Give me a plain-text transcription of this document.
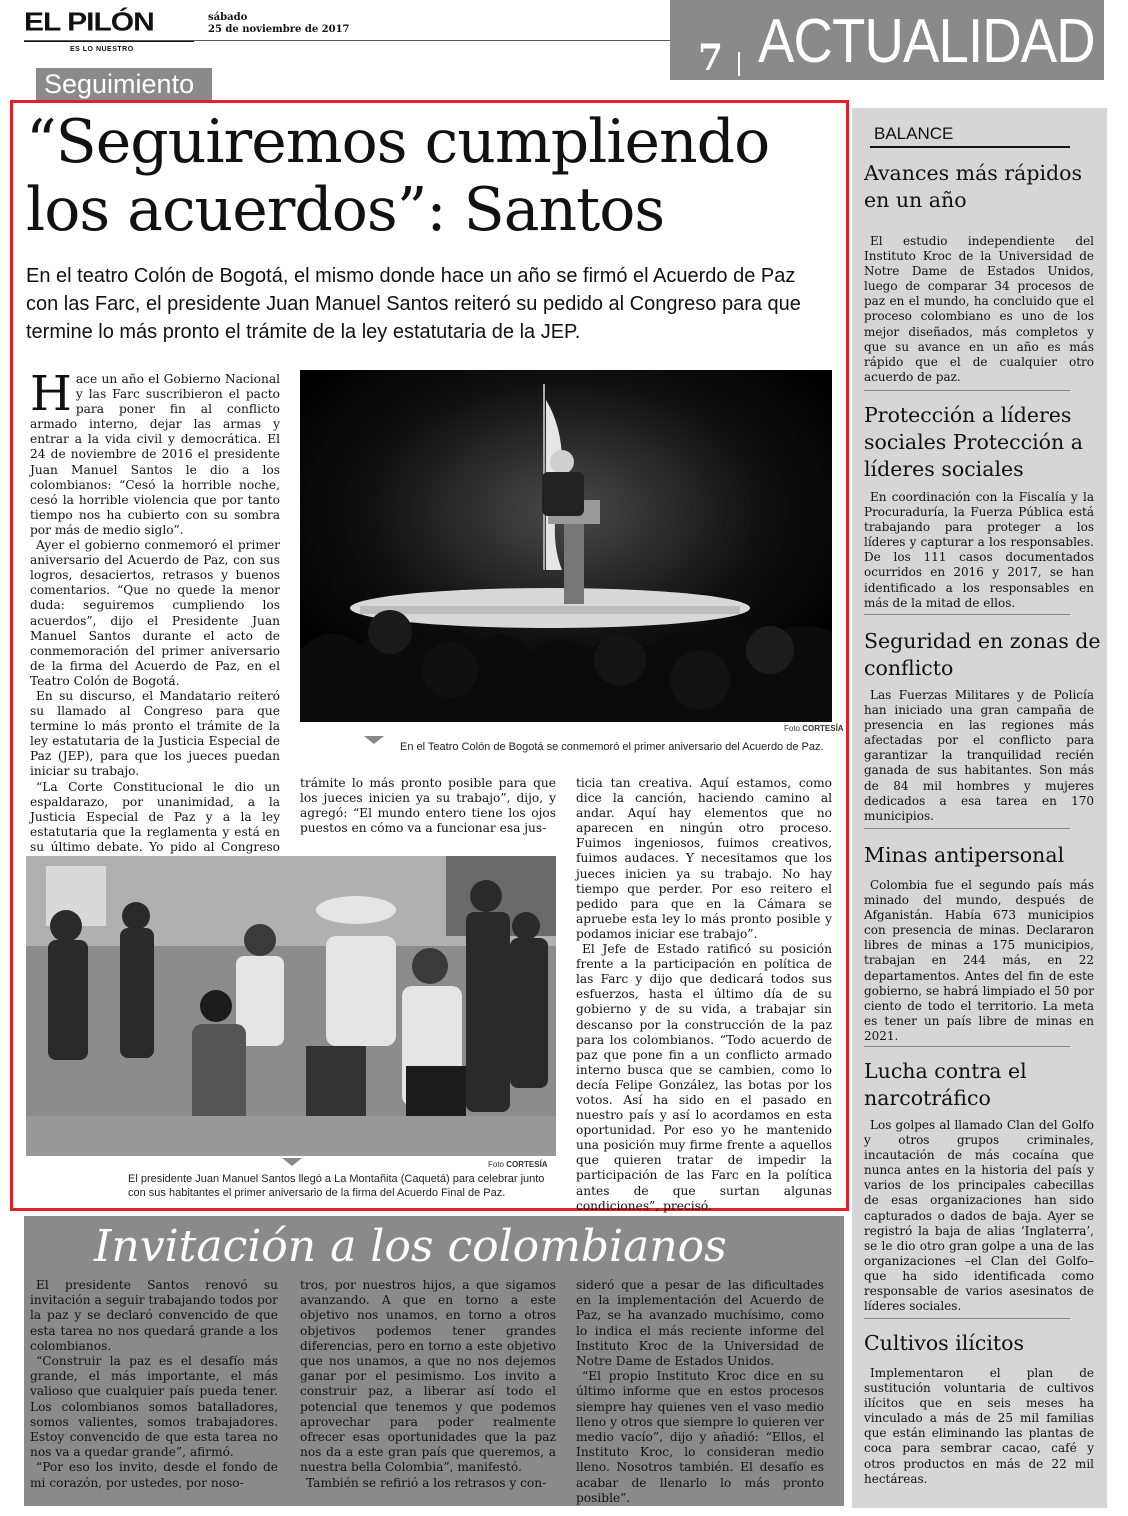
EL PILÓN
ES LO NUESTRO
sábado
25 de noviembre de 2017
7 ACTUALIDAD
Seguimiento
“Seguiremos cumpliendo los acuerdos”: Santos
En el teatro Colón de Bogotá, el mismo donde hace un año se firmó el Acuerdo de Paz con las Farc, el presidente Juan Manuel Santos reiteró su pedido al Congreso para que termine lo más pronto el trámite de la ley estatutaria de la JEP.

Hace un año el Gobierno Nacional y las Farc suscribieron el pacto para poner fin al conflicto armado interno, dejar las armas y entrar a la vida civil y democrática. El 24 de noviembre de 2016 el presidente Juan Manuel Santos le dio a los colombianos: “Cesó la horrible noche, cesó la horrible violencia que por tanto tiempo nos ha cubierto con su sombra por más de medio siglo”.

Ayer el gobierno conmemoró el primer aniversario del Acuerdo de Paz, con sus logros, desaciertos, retrasos y buenos comentarios. “Que no quede la menor duda: seguiremos cumpliendo los acuerdos”, dijo el Presidente Juan Manuel Santos durante el acto de conmemoración del primer aniversario de la firma del Acuerdo de Paz, en el Teatro Colón de Bogotá.

En su discurso, el Mandatario reiteró su llamado al Congreso para que termine lo más pronto el trámite de la ley estatutaria de la Justicia Especial de Paz (JEP), para que los jueces puedan iniciar su trabajo.

“La Corte Constitucional le dio un espaldarazo, por unanimidad, a la Justicia Especial de Paz y a la ley estatutaria que la reglamenta y está en su último debate. Yo pido al Congreso

trámite lo más pronto posible para que los jueces inicien ya su trabajo”, dijo, y agregó: “El mundo entero tiene los ojos puestos en cómo va a funcionar esa jus-

ticia tan creativa. Aquí estamos, como dice la canción, haciendo camino al andar. Aquí hay elementos que no aparecen en ningún otro proceso. Fuimos ingeniosos, fuimos creativos, fuimos audaces. Y necesitamos que los jueces inicien ya su trabajo. No hay tiempo que perder. Por eso reitero el pedido para que en la Cámara se apruebe esta ley lo más pronto posible y podamos iniciar ese trabajo”.

El Jefe de Estado ratificó su posición frente a la participación en política de las Farc y dijo que dedicará todos sus esfuerzos, hasta el último día de su gobierno y de su vida, a trabajar sin descanso por la construcción de la paz para los colombianos. “Todo acuerdo de paz que pone fin a un conflicto armado interno busca que se cambien, como lo decía Felipe González, las botas por los votos. Así ha sido en el pasado en nuestro país y así lo acordamos en esta oportunidad. Por eso yo he mantenido una posición muy firme frente a aquellos que quieren tratar de impedir la participación de las Farc en la política antes de que surtan algunas condiciones”, precisó.

Foto CORTESÍA
En el Teatro Colón de Bogotá se conmemoró el primer aniversario del Acuerdo de Paz.
Foto CORTESÍA
El presidente Juan Manuel Santos llegó a La Montañita (Caquetá) para celebrar junto con sus habitantes el primer aniversario de la firma del Acuerdo Final de Paz.
Invitación a los colombianos

El presidente Santos renovó su invitación a seguir trabajando todos por la paz y se declaró convencido de que esta tarea no nos quedará grande a los colombianos.

“Construir la paz es el desafío más grande, el más importante, el más valioso que cualquier país pueda tener. Los colombianos somos batalladores, somos valientes, somos trabajadores. Estoy convencido de que esta tarea no nos va a quedar grande”, afirmó.

“Por eso los invito, desde el fondo de mi corazón, por ustedes, por noso-

tros, por nuestros hijos, a que sigamos avanzando. A que en torno a este objetivo nos unamos, en torno a otros objetivos podemos tener grandes diferencias, pero en torno a este objetivo que nos unamos, a que no nos dejemos ganar por el pesimismo. Los invito a construir paz, a liberar así todo el potencial que tenemos y que podemos aprovechar para poder realmente ofrecer esas oportunidades que la paz nos da a este gran país que queremos, a nuestra bella Colombia”, manifestó.

También se refirió a los retrasos y con-

sideró que a pesar de las dificultades en la implementación del Acuerdo de Paz, se ha avanzado muchísimo, como lo indica el más reciente informe del Instituto Kroc de la Universidad de Notre Dame de Estados Unidos.

“El propio Instituto Kroc dice en su último informe que en estos procesos siempre hay quienes ven el vaso medio lleno y otros que siempre lo quieren ver medio vacío”, dijo y añadió: “Ellos, el Instituto Kroc, lo consideran medio lleno. Nosotros también. El desafío es acabar de llenarlo lo más pronto posible”.

BALANCE
Avances más rápidos en un año
El estudio independiente del Instituto Kroc de la Universidad de Notre Dame de Estados Unidos, luego de comparar 34 procesos de paz en el mundo, ha concluido que el proceso colombiano es uno de los mejor diseñados, más completos y que su avance en un año es más rápido que el de cualquier otro acuerdo de paz.
Protección a líderes sociales Protección a líderes sociales
En coordinación con la Fiscalía y la Procuraduría, la Fuerza Pública está trabajando para proteger a los líderes y capturar a los responsables. De los 111 casos documentados ocurridos en 2016 y 2017, se han identificado a los responsables en más de la mitad de ellos.
Seguridad en zonas de conflicto
Las Fuerzas Militares y de Policía han iniciado una gran campaña de presencia en las regiones más afectadas por el conflicto para garantizar la tranquilidad recién ganada de sus habitantes. Son más de 84 mil hombres y mujeres dedicados a esa tarea en 170 municipios.
Minas antipersonal
Colombia fue el segundo país más minado del mundo, después de Afganistán. Había 673 municipios con presencia de minas. Declararon libres de minas a 175 municipios, trabajan en 244 más, en 22 departamentos. Antes del fin de este gobierno, se habrá limpiado el 50 por ciento de todo el territorio. La meta es tener un país libre de minas en 2021.
Lucha contra el narcotráfico
Los golpes al llamado Clan del Golfo y otros grupos criminales, incautación de más cocaína que nunca antes en la historia del país y varios de los principales cabecillas de esas organizaciones han sido capturados o dados de baja. Ayer se registró la baja de alias ‘Inglaterra’, se le dio otro gran golpe a una de las organizaciones –el Clan del Golfo– que ha sido identificada como responsable de varios asesinatos de líderes sociales.
Cultivos ilícitos
Implementaron el plan de sustitución voluntaria de cultivos ilícitos que en seis meses ha vinculado a más de 25 mil familias que están eliminando las plantas de coca para sembrar cacao, café y otros productos en más de 22 mil hectáreas.
